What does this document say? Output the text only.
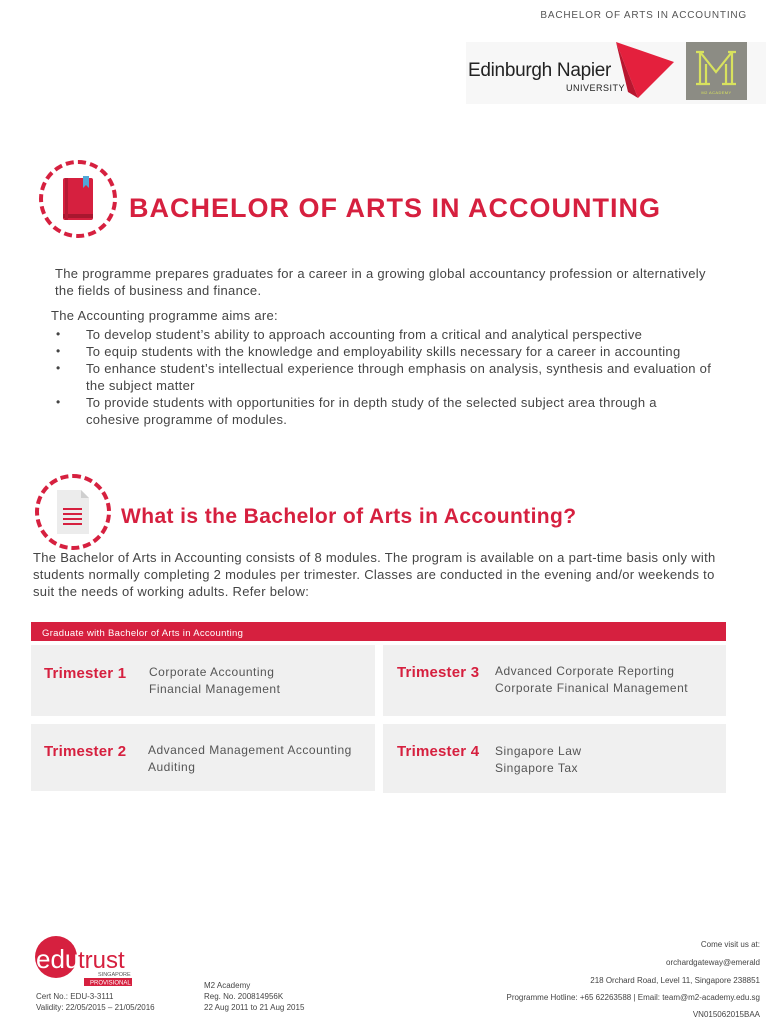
BACHELOR OF ARTS IN ACCOUNTING
Edinburgh Napier
UNIVERSITY	M2 ACADEMY
BACHELOR OF ARTS IN ACCOUNTING

The programme prepares graduates for a career in a growing global accountancy profession or alternatively the fields of business and finance.

The Accounting programme aims are:

• To develop student’s ability to approach accounting from a critical and analytical perspective
• To equip students with the knowledge and employability skills necessary for a career in accounting
• To enhance student’s intellectual experience through emphasis on analysis, synthesis and evaluation of the subject matter
• To provide students with opportunities for in depth study of the selected subject area through a cohesive programme of modules.
What is the Bachelor of Arts in Accounting?

The Bachelor of Arts in Accounting consists of 8 modules. The program is available on a part-time basis only with students normally completing 2 modules per trimester. Classes are conducted in the evening and/or weekends to suit the needs of working adults. Refer below:

Graduate with Bachelor of Arts in Accounting
Trimester 1 Corporate Accounting
Financial Management
Trimester 3 Advanced Corporate Reporting
Corporate Finanical Management
Trimester 2 Advanced Management Accounting
Auditing
Trimester 4 Singapore Law
Singapore Tax
edu
trust
SINGAPORE
PROVISIONAL
Cert No.: EDU-3-3111
Validity: 22/05/2015 – 21/05/2016
M2 Academy
Reg. No. 200814956K
22 Aug 2011 to 21 Aug 2015
Come visit us at:
orchardgateway@emerald
218 Orchard Road, Level 11, Singapore 238851
Programme Hotline: +65 62263588 | Email: team@m2-academy.edu.sg
VN015062015BAA
